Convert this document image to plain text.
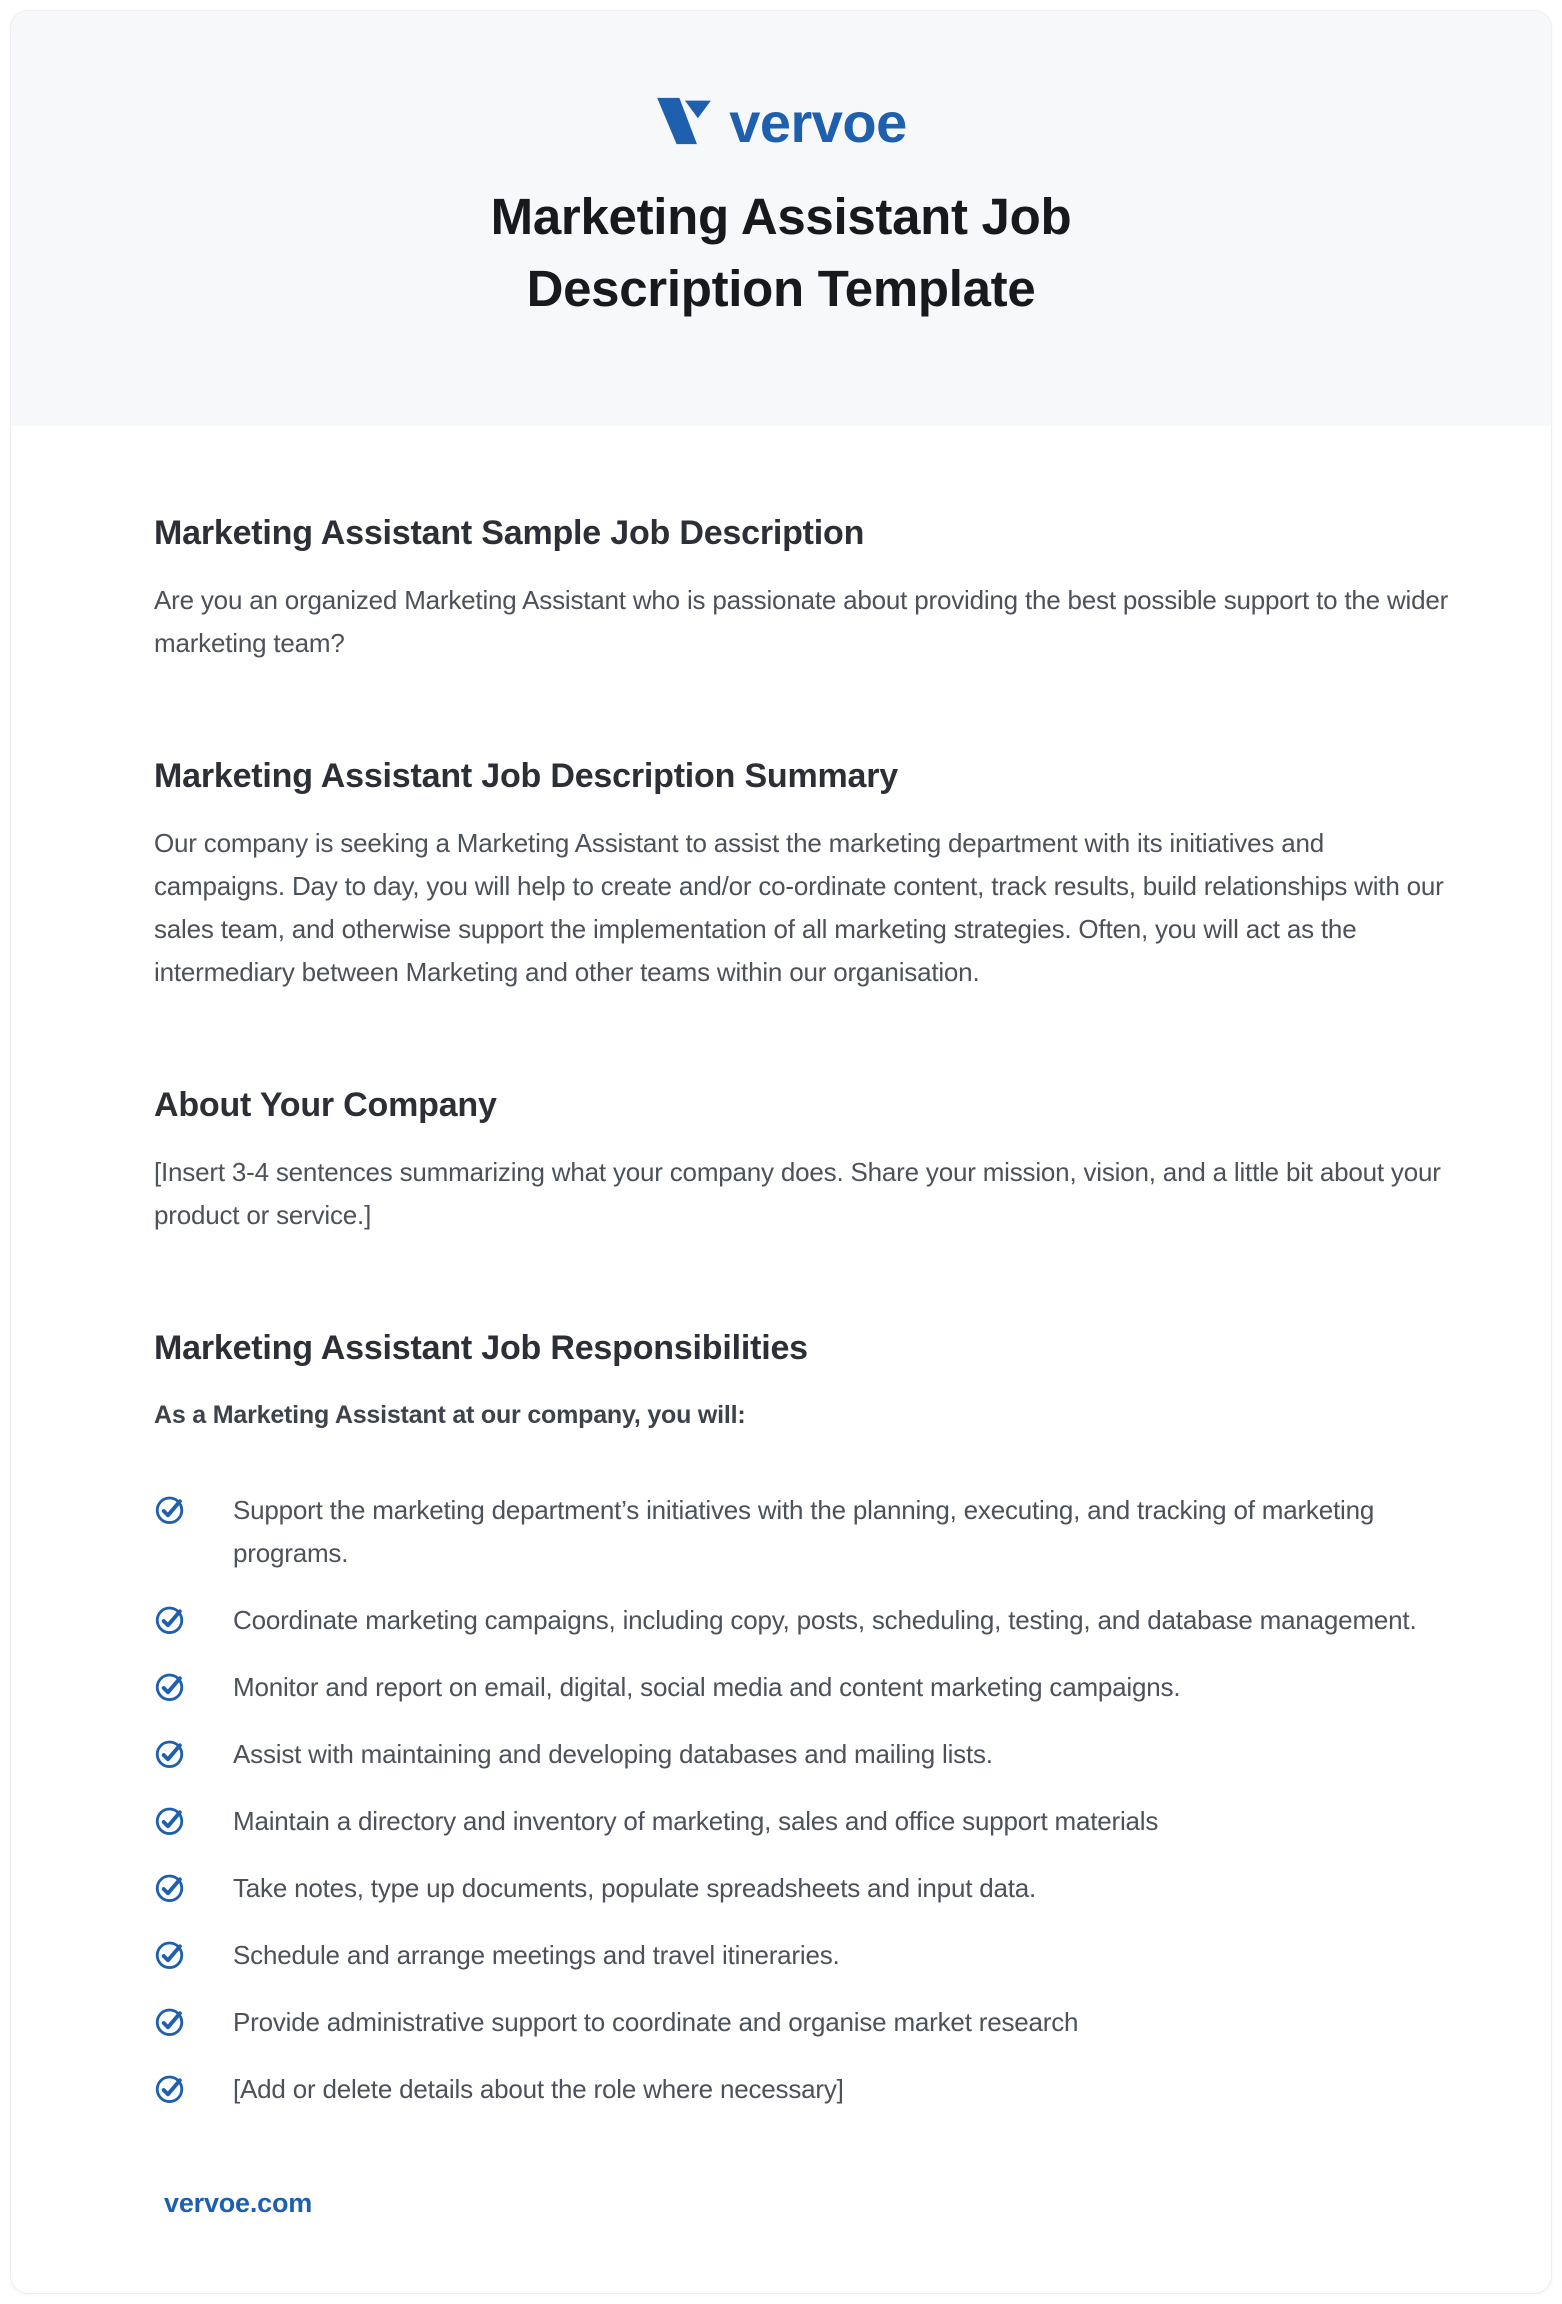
vervoe
Marketing Assistant Job
Description Template
Marketing Assistant Sample Job Description

Are you an organized Marketing Assistant who is passionate about providing the best possible support to the wider marketing team?

Marketing Assistant Job Description Summary

Our company is seeking a Marketing Assistant to assist the marketing department with its initiatives and campaigns. Day to day, you will help to create and/or co-ordinate content, track results, build relationships with our sales team, and otherwise support the implementation of all marketing strategies. Often, you will act as the intermediary between Marketing and other teams within our organisation.

About Your Company

[Insert 3-4 sentences summarizing what your company does. Share your mission, vision, and a little bit about your product or service.]

Marketing Assistant Job Responsibilities

As a Marketing Assistant at our company, you will:

Support the marketing department’s initiatives with the planning, executing, and tracking of marketing programs.
Coordinate marketing campaigns, including copy, posts, scheduling, testing, and database management.
Monitor and report on email, digital, social media and content marketing campaigns.
Assist with maintaining and developing databases and mailing lists.
Maintain a directory and inventory of marketing, sales and office support materials
Take notes, type up documents, populate spreadsheets and input data.
Schedule and arrange meetings and travel itineraries.
Provide administrative support to coordinate and organise market research
[Add or delete details about the role where necessary]
vervoe.com
